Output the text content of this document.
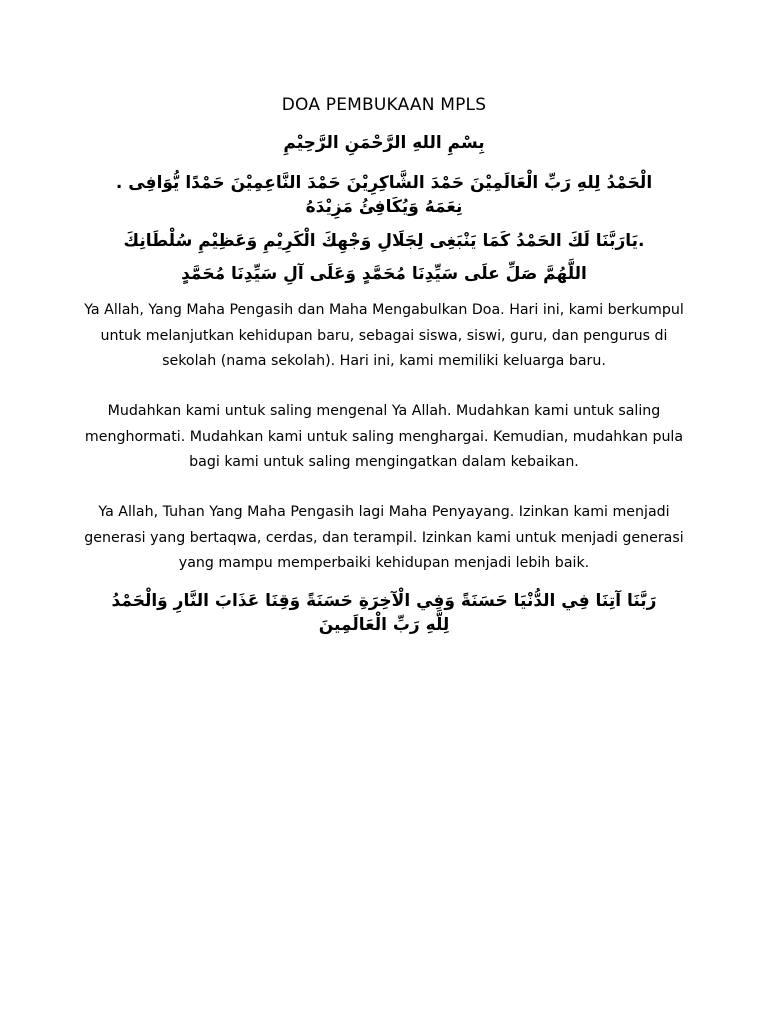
DOA PEMBUKAAN MPLS
بِسْمِ اللهِ الرَّحْمَنِ الرَّحِيْمِ
الْحَمْدُ لِلهِ رَبِّ الْعَالَمِيْنَ حَمْدَ الشَّاكِرِيْنَ حَمْدَ النَّاعِمِيْنَ حَمْدًا يُّوَافِى . نِعَمَهُ وَيُكَافِئُ مَزِيْدَهُ
.يَارَبَّنَا لَكَ الحَمْدُ كَمَا يَنْبَغِى لِجَلَالِ وَجْهِكَ الْكَرِيْمِ وَعَظِيْمِ سُلْطَانِكَ
اللَّهُمَّ صَلِّ علَى سَيِّدِنَا مُحَمَّدٍ وَعَلَى آلِ سَيِّدِنَا مُحَمَّدٍ

Ya Allah, Yang Maha Pengasih dan Maha Mengabulkan Doa. Hari ini, kami berkumpul untuk melanjutkan kehidupan baru, sebagai siswa, siswi, guru, dan pengurus di sekolah (nama sekolah). Hari ini, kami memiliki keluarga baru.

Mudahkan kami untuk saling mengenal Ya Allah. Mudahkan kami untuk saling menghormati. Mudahkan kami untuk saling menghargai. Kemudian, mudahkan pula bagi kami untuk saling mengingatkan dalam kebaikan.

Ya Allah, Tuhan Yang Maha Pengasih lagi Maha Penyayang. Izinkan kami menjadi generasi yang bertaqwa, cerdas, dan terampil. Izinkan kami untuk menjadi generasi yang mampu memperbaiki kehidupan menjadi lebih baik.

رَبَّنَا آتِنَا فِي الدُّنْيَا حَسَنَةً وَفِي الْآخِرَةِ حَسَنَةً وَقِنَا عَذَابَ النَّارِ وَالْحَمْدُ لِلَّهِ رَبِّ الْعَالَمِينَ
